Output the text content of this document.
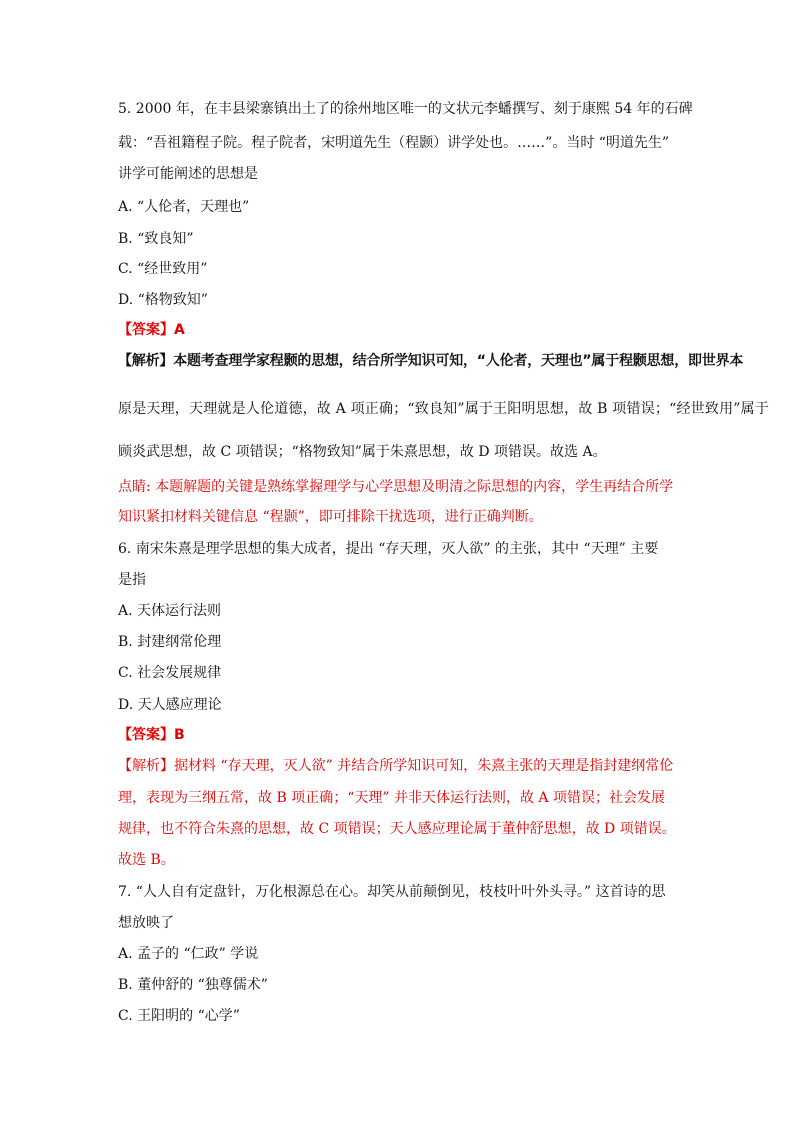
5. 2000 年，在丰县梁寨镇出土了的徐州地区唯一的文状元李蟠撰写、刻于康熙 54 年的石碑
载：“吾祖籍程子院。程子院者，宋明道先生（程颢）讲学处也。……”。当时 “明道先生”
讲学可能阐述的思想是
A. “人伦者，天理也”
B. “致良知”
C. “经世致用”
D. “格物致知”
【答案】A
【解析】本题考查理学家程颢的思想，结合所学知识可知，“人伦者，天理也”属于程颢思想，即世界本
原是天理，天理就是人伦道德，故 A 项正确；“致良知”属于王阳明思想，故 B 项错误；“经世致用”属于
顾炎武思想，故 C 项错误；“格物致知”属于朱熹思想，故 D 项错误。故选 A。
点睛: 本题解题的关键是熟练掌握理学与心学思想及明清之际思想的内容，学生再结合所学
知识紧扣材料关键信息 “程颢”，即可排除干扰选项，进行正确判断。
6. 南宋朱熹是理学思想的集大成者，提出 “存天理，灭人欲” 的主张，其中 “天理” 主要
是指
A. 天体运行法则
B. 封建纲常伦理
C. 社会发展规律
D. 天人感应理论
【答案】B
【解析】据材料 “存天理，灭人欲” 并结合所学知识可知，朱熹主张的天理是指封建纲常伦
理，表现为三纲五常，故 B 项正确；“天理” 并非天体运行法则，故 A 项错误；社会发展
规律，也不符合朱熹的思想，故 C 项错误；天人感应理论属于董仲舒思想，故 D 项错误。
故选 B。
7. “人人自有定盘针，万化根源总在心。却笑从前颠倒见，枝枝叶叶外头寻。” 这首诗的思
想放映了
A. 孟子的 “仁政” 学说
B. 董仲舒的 “独尊儒术”
C. 王阳明的 “心学”
